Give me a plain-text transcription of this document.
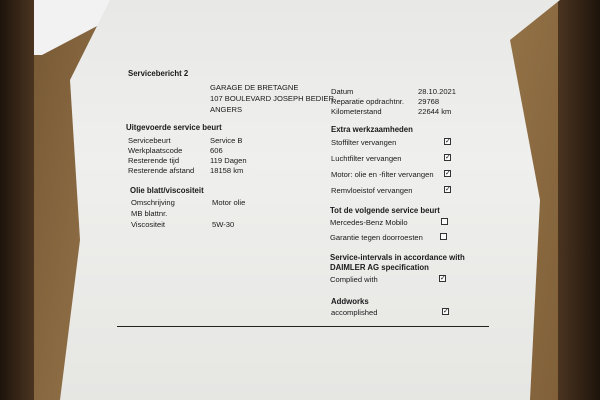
Servicebericht 2
GARAGE DE BRETAGNE
107 BOULEVARD JOSEPH BEDIER
ANGERS
Datum	28.10.2021
Reparatie opdrachtnr. 29768
Kilometerstand	22644 km
Uitgevoerde service beurt
Servicebeurt	Service B
Werkplaatscode	606
Resterende tijd	119 Dagen
Resterende afstand 18158 km
Olie blatt/viscositeit
Omschrijving	Motor olie
MB blattnr.
Viscositeit	5W-30
Extra werkzaamheden
Stoffilter vervangen	✓
Luchtfilter vervangen	✓
Motor: olie en -filter vervangen ✓
Remvloeistof vervangen	✓
Tot de volgende service beurt
Mercedes-Benz Mobilo
Garantie tegen doorroesten
Service-intervals in accordance with
DAIMLER AG specification
Complied with	✓
Addworks
accomplished	✓
